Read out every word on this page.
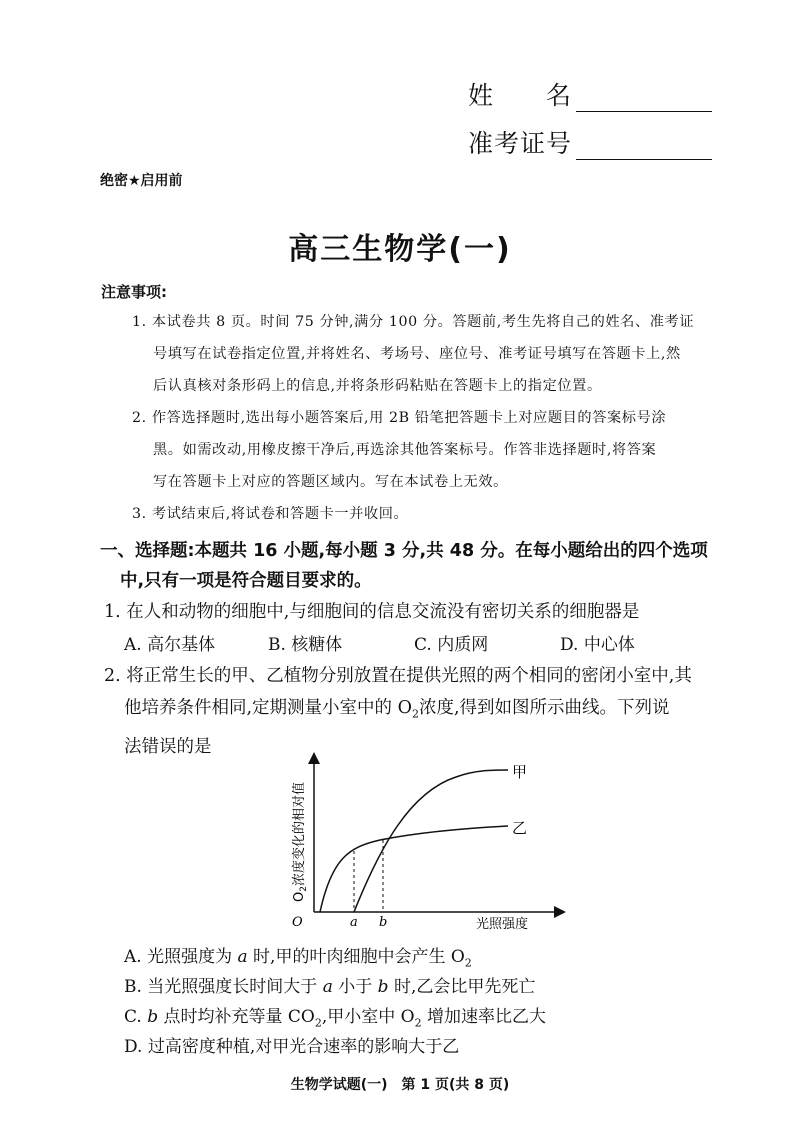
姓　　名
准考证号
绝密★启用前
高三生物学(一)
注意事项:
1. 本试卷共 8 页。时间 75 分钟,满分 100 分。答题前,考生先将自己的姓名、准考证
号填写在试卷指定位置,并将姓名、考场号、座位号、准考证号填写在答题卡上,然
后认真核对条形码上的信息,并将条形码粘贴在答题卡上的指定位置。
2. 作答选择题时,选出每小题答案后,用 2B 铅笔把答题卡上对应题目的答案标号涂
黑。如需改动,用橡皮擦干净后,再选涂其他答案标号。作答非选择题时,将答案
写在答题卡上对应的答题区域内。写在本试卷上无效。
3. 考试结束后,将试卷和答题卡一并收回。
一、选择题:本题共 16 小题,每小题 3 分,共 48 分。在每小题给出的四个选项
中,只有一项是符合题目要求的。
1. 在人和动物的细胞中,与细胞间的信息交流没有密切关系的细胞器是
A. 高尔基体	B. 核糖体	C. 内质网	D. 中心体
2. 将正常生长的甲、乙植物分别放置在提供光照的两个相同的密闭小室中,其
他培养条件相同,定期测量小室中的 $O_2$浓度,得到如图所示曲线。下列说
法错误的是
甲
乙
O	a b	光照强度
$O_2$浓度变化的相对值
A. 光照强度为 a 时,甲的叶肉细胞中会产生 $O_2$
B. 当光照强度长时间大于 a 小于 b 时,乙会比甲先死亡
C. b 点时均补充等量 $CO_2$,甲小室中 $O_2$ 增加速率比乙大
D. 过高密度种植,对甲光合速率的影响大于乙
生物学试题(一)　第 1 页(共 8 页)
